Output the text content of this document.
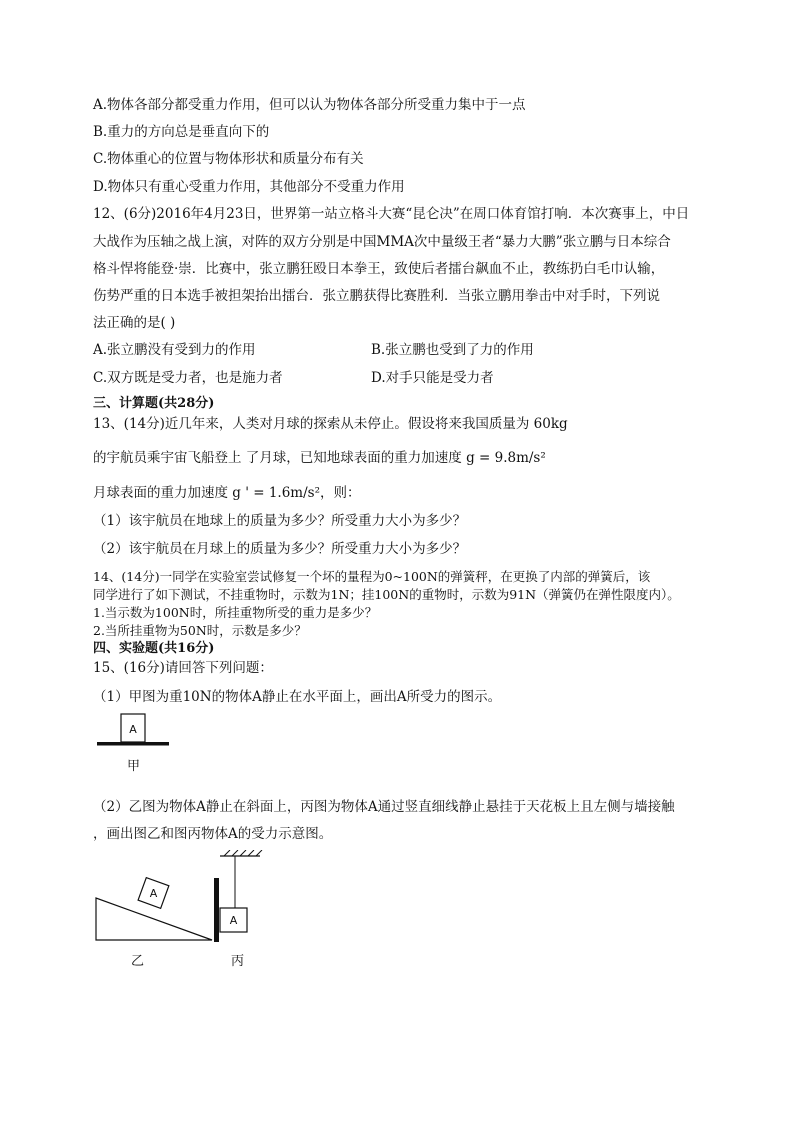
A.物体各部分都受重力作用，但可以认为物体各部分所受重力集中于一点
B.重力的方向总是垂直向下的
C.物体重心的位置与物体形状和质量分布有关
D.物体只有重心受重力作用，其他部分不受重力作用
12、(6分)2016年4月23日，世界第一站立格斗大赛“昆仑决”在周口体育馆打响．本次赛事上，中日
大战作为压轴之战上演，对阵的双方分别是中国MMA次中量级王者“暴力大鹏”张立鹏与日本综合
格斗悍将能登·崇．比赛中，张立鹏狂殴日本拳王，致使后者擂台飙血不止，教练扔白毛巾认输，
伤势严重的日本选手被担架抬出擂台．张立鹏获得比赛胜利．当张立鹏用拳击中对手时，下列说
法正确的是( )
A.张立鹏没有受到力的作用	B.张立鹏也受到了力的作用
C.双方既是受力者，也是施力者	D.对手只能是受力者
三、计算题(共28分)
13、(14分)近几年来，人类对月球的探索从未停止。假设将来我国质量为 60kg
的宇航员乘宇宙飞船登上 了月球，已知地球表面的重力加速度 g = 9.8m/s²
月球表面的重力加速度 g ' = 1.6m/s²，则：
（1）该宇航员在地球上的质量为多少？所受重力大小为多少？
（2）该宇航员在月球上的质量为多少？所受重力大小为多少？
14、(14分)一同学在实验室尝试修复一个坏的量程为0~100N的弹簧秤，在更换了内部的弹簧后，该
同学进行了如下测试，不挂重物时，示数为1N；挂100N的重物时，示数为91N（弹簧仍在弹性限度内）。
1.当示数为100N时，所挂重物所受的重力是多少？
2.当所挂重物为50N时，示数是多少？
四、实验题(共16分)
15、(16分)请回答下列问题：
（1）甲图为重10N的物体A静止在水平面上，画出A所受力的图示。
A
甲
（2）乙图为物体A静止在斜面上，丙图为物体A通过竖直细线静止悬挂于天花板上且左侧与墙接触
，画出图乙和图丙物体A的受力示意图。
A
乙
A
丙
